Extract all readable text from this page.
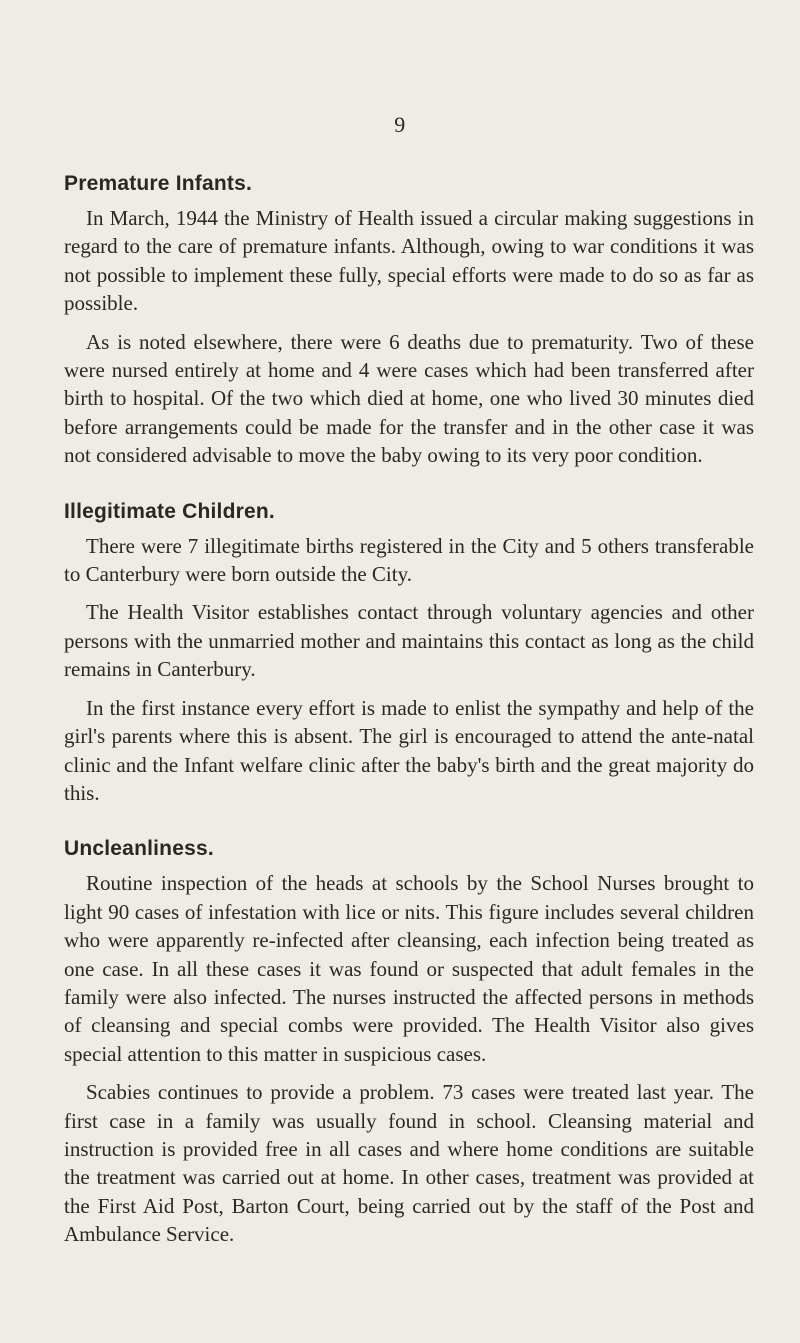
9
Premature Infants.

In March, 1944 the Ministry of Health issued a circular making suggestions in regard to the care of premature infants. Although, owing to war conditions it was not possible to implement these fully, special efforts were made to do so as far as possible.

As is noted elsewhere, there were 6 deaths due to prematurity. Two of these were nursed entirely at home and 4 were cases which had been transferred after birth to hospital. Of the two which died at home, one who lived 30 minutes died before arrangements could be made for the transfer and in the other case it was not considered advisable to move the baby owing to its very poor condition.

Illegitimate Children.

There were 7 illegitimate births registered in the City and 5 others transferable to Canterbury were born outside the City.

The Health Visitor establishes contact through voluntary agencies and other persons with the unmarried mother and maintains this contact as long as the child remains in Canterbury.

In the first instance every effort is made to enlist the sympathy and help of the girl's parents where this is absent. The girl is encouraged to attend the ante-natal clinic and the Infant welfare clinic after the baby's birth and the great majority do this.

Uncleanliness.

Routine inspection of the heads at schools by the School Nurses brought to light 90 cases of infestation with lice or nits. This figure includes several children who were apparently re-infected after cleansing, each infection being treated as one case. In all these cases it was found or suspected that adult females in the family were also infected. The nurses instructed the affected persons in methods of cleansing and special combs were provided. The Health Visitor also gives special attention to this matter in suspicious cases.

Scabies continues to provide a problem. 73 cases were treated last year. The first case in a family was usually found in school. Cleansing material and instruction is provided free in all cases and where home conditions are suitable the treatment was carried out at home. In other cases, treatment was provided at the First Aid Post, Barton Court, being carried out by the staff of the Post and Ambulance Service.
